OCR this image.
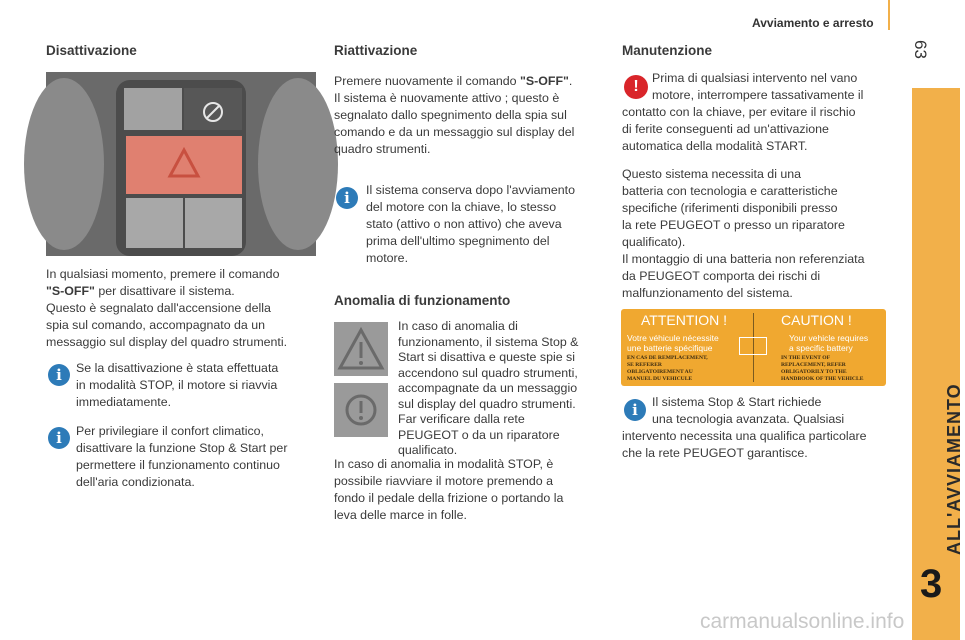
Avviamento e arresto
63
ALL'AVVIAMENTO
3
Disattivazione
In qualsiasi momento, premere il comando
"S-OFF" per disattivare il sistema.
Questo è segnalato dall'accensione della
spia sul comando, accompagnato da un
messaggio sul display del quadro strumenti.
i	Se la disattivazione è stata effettuata
in modalità STOP, il motore si riavvia
immediatamente.
i	Per privilegiare il confort climatico,
disattivare la funzione Stop & Start per
permettere il funzionamento continuo
dell'aria condizionata.
Riattivazione
Premere nuovamente il comando "S-OFF".
Il sistema è nuovamente attivo ; questo è
segnalato dallo spegnimento della spia sul
comando e da un messaggio sul display del
quadro strumenti.
i	Il sistema conserva dopo l'avviamento
del motore con la chiave, lo stesso
stato (attivo o non attivo) che aveva
prima dell'ultimo spegnimento del
motore.
Anomalia di funzionamento
In caso di anomalia di
funzionamento, il sistema Stop &
Start si disattiva e queste spie si
accendono sul quadro strumenti,
accompagnate da un messaggio
sul display del quadro strumenti.
Far verificare dalla rete
PEUGEOT o da un riparatore
qualificato.
In caso di anomalia in modalità STOP, è
possibile riavviare il motore premendo a
fondo il pedale della frizione o portando la
leva delle marce in folle.
Manutenzione
!	Prima di qualsiasi intervento nel vano
motore, interrompere tassativamente il
contatto con la chiave, per evitare il rischio
di ferite conseguenti ad un'attivazione
automatica della modalità START.
Questo sistema necessita di una
batteria con tecnologia e caratteristiche
specifiche (riferimenti disponibili presso
la rete PEUGEOT o presso un riparatore
qualificato).
Il montaggio di una batteria non referenziata
da PEUGEOT comporta dei rischi di
malfunzionamento del sistema.
ATTENTION !	CAUTION !
Votre véhicule nécessite
une batterie spécifique
Your vehicle requires
a specific battery
EN CAS DE REMPLACEMENT,
SE REFERER
OBLIGATOIREMENT AU
MANUEL DU VEHICULE
IN THE EVENT OF
REPLACEMENT, REFER
OBLIGATORILY TO THE
HANDBOOK OF THE VEHICLE
i	Il sistema Stop & Start richiede
una tecnologia avanzata. Qualsiasi
intervento necessita una qualifica particolare
che la rete PEUGEOT garantisce.
carmanualsonline.info
